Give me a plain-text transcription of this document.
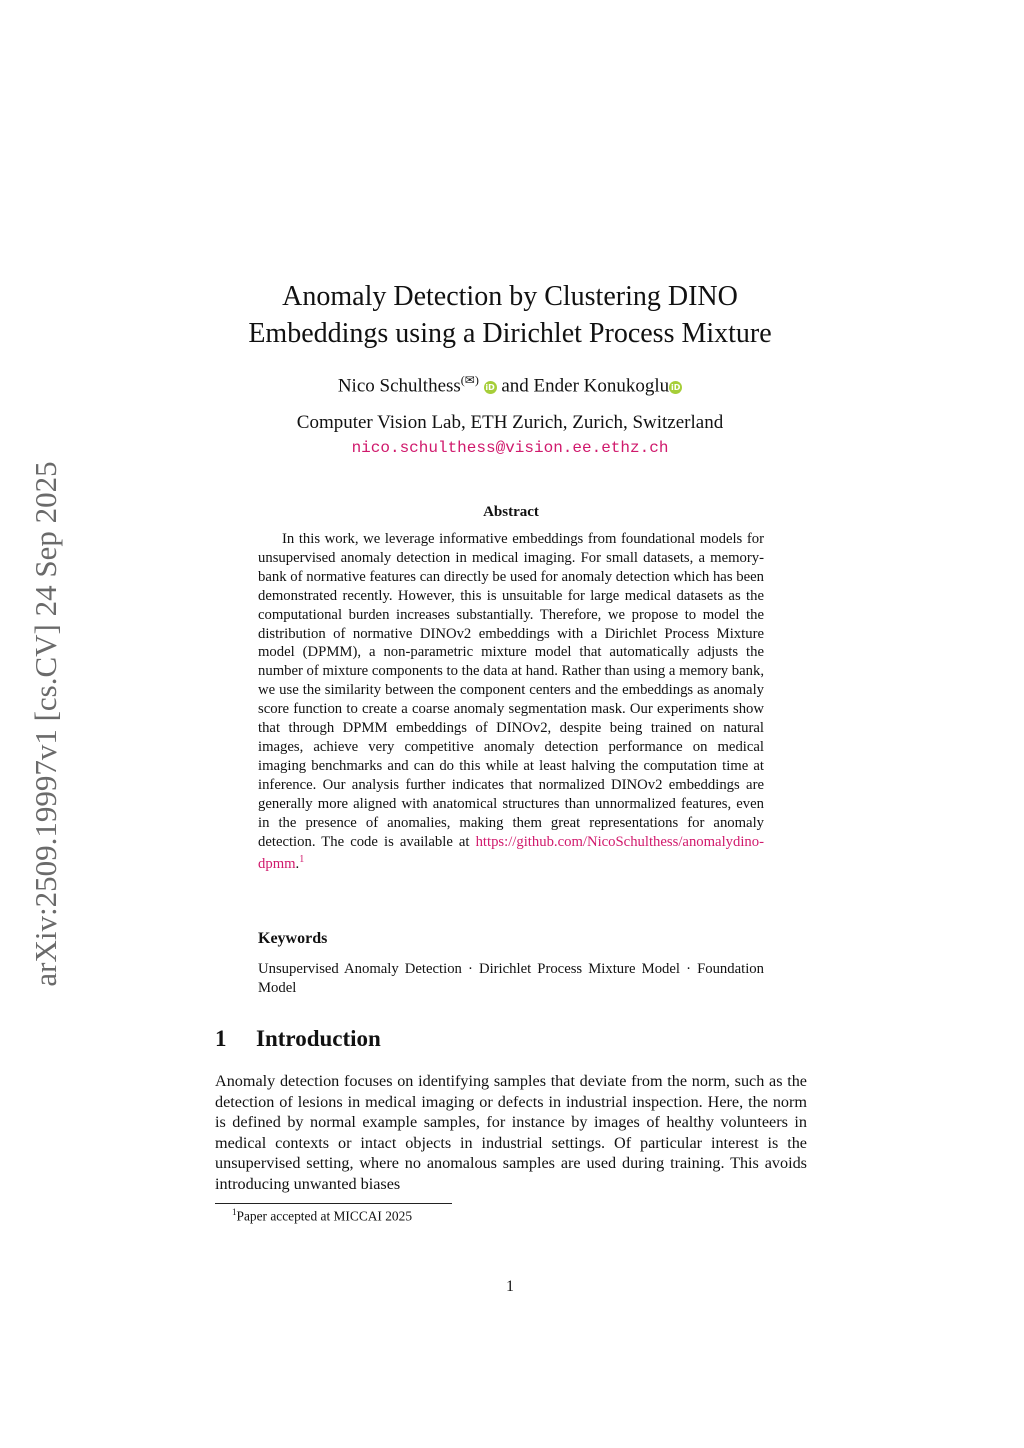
arXiv:2509.19997v1 [cs.CV] 24 Sep 2025
Anomaly Detection by Clustering DINO
Embeddings using a Dirichlet Process Mixture
Nico Schulthess(✉) iD and Ender Konukoglu iD
Computer Vision Lab, ETH Zurich, Zurich, Switzerland
nico.schulthess@vision.ee.ethz.ch
Abstract

In this work, we leverage informative embeddings from foundational models for unsupervised anomaly detection in medical imaging. For small datasets, a memory-bank of normative features can directly be used for anomaly detection which has been demonstrated recently. However, this is unsuitable for large medical datasets as the computational burden increases substantially. Therefore, we propose to model the distribution of normative DINOv2 embeddings with a Dirichlet Process Mixture model (DPMM), a non-parametric mixture model that automatically adjusts the number of mixture components to the data at hand. Rather than using a memory bank, we use the similarity between the component centers and the embeddings as anomaly score function to create a coarse anomaly segmentation mask. Our experiments show that through DPMM embeddings of DINOv2, despite being trained on natural images, achieve very competitive anomaly detection performance on medical imaging benchmarks and can do this while at least halving the computation time at inference. Our analysis further indicates that normalized DINOv2 embeddings are generally more aligned with anatomical structures than unnormalized features, even in the presence of anomalies, making them great representations for anomaly detection. The code is available at https://github.com/NicoSchulthess/anomalydino-dpmm.$^1$

Keywords
Unsupervised Anomaly Detection · Dirichlet Process Mixture Model · Foundation Model
1 Introduction

Anomaly detection focuses on identifying samples that deviate from the norm, such as the detection of lesions in medical imaging or defects in industrial inspection. Here, the norm is defined by normal example samples, for instance by images of healthy volunteers in medical contexts or intact objects in industrial settings. Of particular interest is the unsupervised setting, where no anomalous samples are used during training. This avoids introducing unwanted biases

$^1$Paper accepted at MICCAI 2025
1
